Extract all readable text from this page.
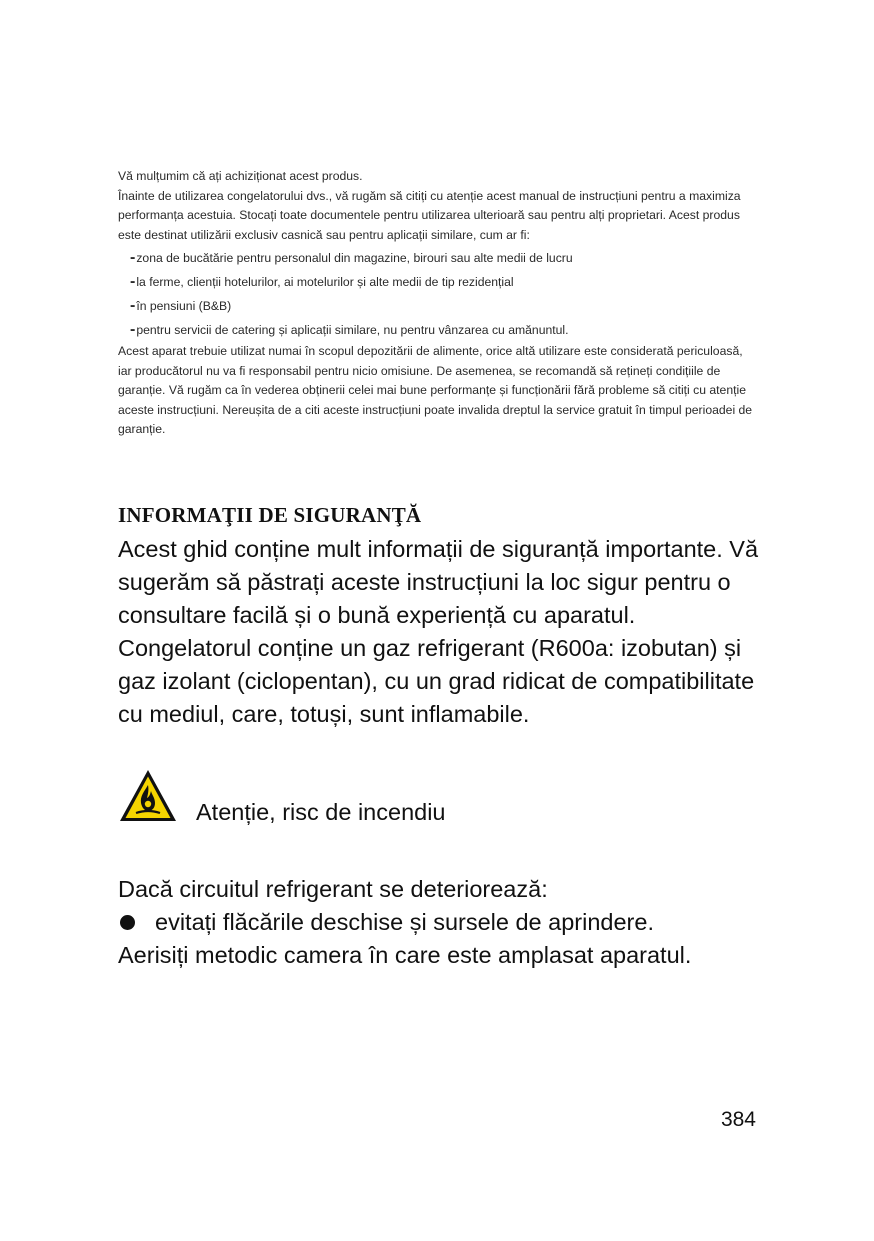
Vă mulțumim că ați achiziționat acest produs.

Înainte de utilizarea congelatorului dvs., vă rugăm să citiți cu atenție acest manual de instrucțiuni pentru a maximiza performanța acestuia. Stocați toate documentele pentru utilizarea ulterioară sau pentru alți proprietari. Acest produs este destinat utilizării exclusiv casnică sau pentru aplicații similare, cum ar fi:

-zona de bucătărie pentru personalul din magazine, birouri sau alte medii de lucru
-la ferme, clienții hotelurilor, ai motelurilor și alte medii de tip rezidențial
-în pensiuni (B&B)
-pentru servicii de catering și aplicații similare, nu pentru vânzarea cu amănuntul.

Acest aparat trebuie utilizat numai în scopul depozitării de alimente, orice altă utilizare este considerată periculoasă, iar producătorul nu va fi responsabil pentru nicio omisiune. De asemenea, se recomandă să rețineți condițiile de garanție. Vă rugăm ca în vederea obținerii celei mai bune performanțe și funcționării fără probleme să citiți cu atenție aceste instrucțiuni. Nereușita de a citi aceste instrucțiuni poate invalida dreptul la service gratuit în timpul perioadei de garanție.

INFORMAŢII DE SIGURANŢĂ

Acest ghid conține mult informații de siguranță importante. Vă sugerăm să păstrați aceste instrucțiuni la loc sigur pentru o consultare facilă și o bună experiență cu aparatul.

Congelatorul conține un gaz refrigerant (R600a: izobutan) și gaz izolant (ciclopentan), cu un grad ridicat de compatibilitate cu mediul, care, totuși, sunt inflamabile.

Atenție, risc de incendiu

Dacă circuitul refrigerant se deteriorează:

evitați flăcările deschise și sursele de aprindere.

Aerisiți metodic camera în care este amplasat aparatul.

384
